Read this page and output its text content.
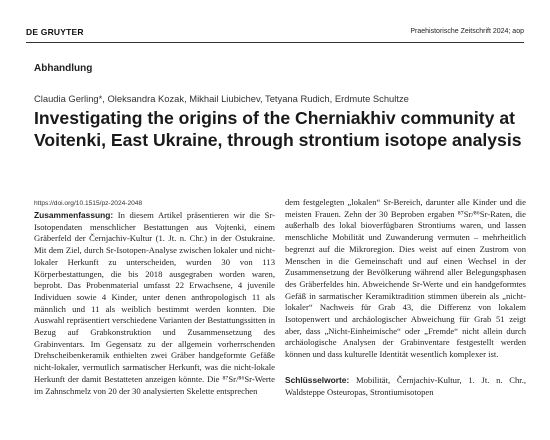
DE GRUYTER	Praehistorische Zeitschrift 2024; aop
Abhandlung
Claudia Gerling*, Oleksandra Kozak, Mikhail Liubichev, Tetyana Rudich, Erdmute Schultze
Investigating the origins of the Cherniakhiv community at Voitenki, East Ukraine, through strontium isotope analysis
https://doi.org/10.1515/pz-2024-2048
Zusammenfassung: In diesem Artikel präsentieren wir die Sr-Isotopendaten menschlicher Bestattungen aus Vojtenki, einem Gräberfeld der Černjachiv-Kultur (1. Jt. n. Chr.) in der Ostukraine. Mit dem Ziel, durch Sr-Isotopen-Analyse zwischen lokaler und nicht-lokaler Herkunft zu unterscheiden, wurden 30 von 113 Körperbestattungen, die bis 2018 ausgegraben worden waren, beprobt. Das Probenmaterial umfasst 22 Erwachsene, 4 juvenile Individuen sowie 4 Kinder, unter denen anthropologisch 11 als männlich und 11 als weiblich bestimmt werden konnten. Die Auswahl repräsentiert verschiedene Varianten der Bestattungssitten in Bezug auf Grabkonstruktion und Zusammensetzung des Grabinventars. Im Gegensatz zu der allgemein vorherrschenden Drehscheibenkeramik enthielten zwei Gräber handgeformte Gefäße nicht-lokaler, vermutlich sarmatischer Herkunft, was die nicht-lokale Herkunft der damit Bestatteten anzeigen könnte. Die ⁸⁷Sr/⁸⁶Sr-Werte im Zahnschmelz von 20 der 30 analysierten Skelette entsprechen
dem festgelegten „lokalen“ Sr-Bereich, darunter alle Kinder und die meisten Frauen. Zehn der 30 Beproben ergaben ⁸⁷Sr/⁸⁶Sr-Raten, die außerhalb des lokal bioverfügbaren Strontiums waren, und lassen menschliche Mobilität und Zuwanderung vermuten – mehrheitlich begrenzt auf die Mikroregion. Dies weist auf einen Zustrom von Menschen in die Gemeinschaft und auf einen Wechsel in der Zusammensetzung der Bevölkerung während aller Belegungsphasen des Gräberfeldes hin. Abweichende Sr-Werte und ein handgeformtes Gefäß in sarmatischer Keramiktradition stimmen überein als „nicht-lokaler“ Nachweis für Grab 43, die Differenz von lokalem Isotopenwert und archäologischer Abweichung für Grab 51 zeigt aber, dass „Nicht-Einheimische“ oder „Fremde“ nicht allein durch archäologische Analysen der Grabinventare festgestellt werden können und dass kulturelle Identität wesentlich komplexer ist.
Schlüsselworte: Mobilität, Černjachiv-Kultur, 1. Jt. n. Chr., Waldsteppe Osteuropas, Strontiumisotopen
